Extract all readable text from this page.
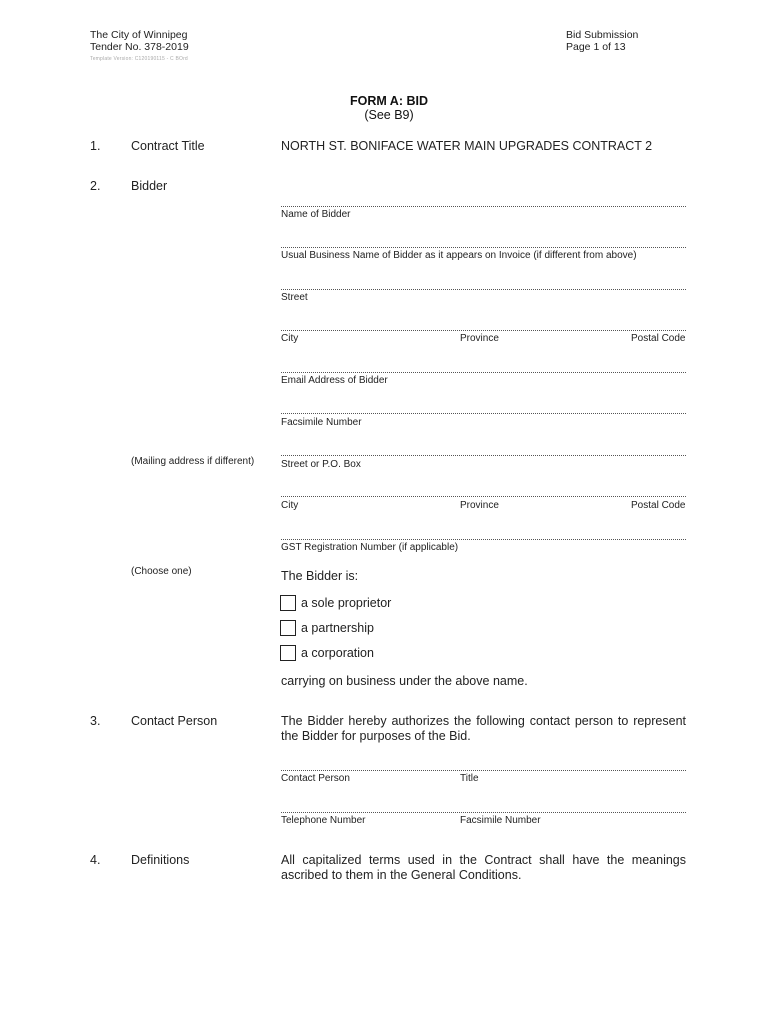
The City of Winnipeg
Tender No. 378-2019
Template Version: C120190115 - C BOrd
Bid Submission
Page 1 of 13
FORM A: BID
(See B9)
1. Contract Title	NORTH ST. BONIFACE WATER MAIN UPGRADES CONTRACT 2
2. Bidder
Name of Bidder
Usual Business Name of Bidder as it appears on Invoice (if different from above)
Street
City	Province	Postal Code
Email Address of Bidder
Facsimile Number
(Mailing address if different)	Street or P.O. Box
City	Province	Postal Code
GST Registration Number (if applicable)
(Choose one)	The Bidder is:
a sole proprietor
a partnership
a corporation
carrying on business under the above name.
3. Contact Person	The Bidder hereby authorizes the following contact person to represent the Bidder for purposes of the Bid.
Contact Person	Title
Telephone Number	Facsimile Number
4. Definitions	All capitalized terms used in the Contract shall have the meanings ascribed to them in the General Conditions.
